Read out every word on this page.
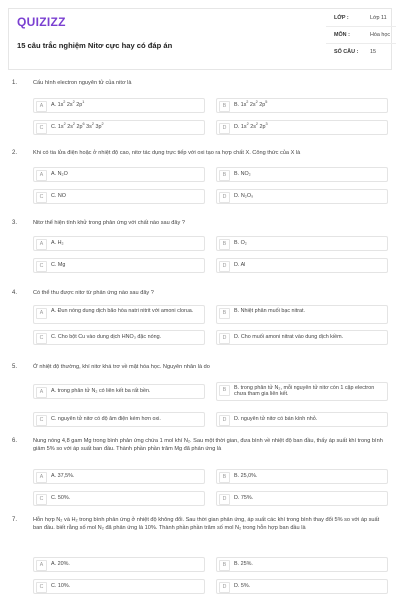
QUIZIZZ
15 câu trắc nghiệm Nitơ cực hay có đáp án
LỚP :	Lớp 11
MÔN :	Hóa học
SỐ CÂU : 15
1.	Cấu hình electron nguyên tử của nitơ là
A	A. $1s^2$ $2s^2$ $2p^1$
B	B. $1s^2$ $2s^2$ $2p^5$
C	C. $1s^2$ $2s^2$ $2p^6$ $3s^2$ $3p^2$
D	D. $1s^2$ $2s^2$ $2p^3$
2.	Khi có tia lửa điện hoặc ở nhiệt độ cao, nitơ tác dụng trực tiếp với oxi tạo ra hợp chất X. Công thức của X là
A	A. N₂O	B	B. NO₂
C	C. NO	D	D. N₂O₅
3.	Nitơ thể hiện tính khử trong phản ứng với chất nào sau đây ?
A	A. H₂	B	B. O₂
C	C. Mg	D	D. Al
4.	Có thể thu được nitơ từ phản ứng nào sau đây ?
A	A. Đun nóng dung dịch bão hòa natri nitrit với amoni clorua.	B	B. Nhiệt phân muối bạc nitrat.
C	C. Cho bột Cu vào dung dịch HNO₃ đặc nóng.	D	D. Cho muối amoni nitrat vào dung dịch kiềm.
5.	Ở nhiệt độ thường, khí nitơ khá trơ về mặt hóa học. Nguyên nhân là do
A	A. trong phân tử N₂ có liên kết ba rất bền.	B	B. trong phân tử N₂, mỗi nguyên tử nitơ còn 1 cặp electron chưa tham gia liên kết.
C	C. nguyên tử nitơ có độ âm điện kém hơn oxi.	D	D. nguyên tử nitơ có bán kính nhỏ.
6.	Nung nóng 4,8 gam Mg trong bình phản ứng chứa 1 mol khí N₂. Sau một thời gian, đưa bình về nhiệt độ ban đầu, thấy áp suất khí trong bình giảm 5% so với áp suất ban đầu. Thành phần phần trăm Mg đã phản ứng là
A	A. 37,5%.	B	B. 25,0%.
C	C. 50%.	D	D. 75%.
7.	Hỗn hợp N₂ và H₂ trong bình phản ứng ở nhiệt độ không đổi. Sau thời gian phản ứng, áp suất các khí trong bình thay đổi 5% so với áp suất ban đầu. biết rằng số mol N₂ đã phản ứng là 10%. Thành phần phần trăm số mol N₂ trong hỗn hợp ban đầu là
A	A. 20%.	B	B. 25%.
C	C. 10%.	D	D. 5%.
